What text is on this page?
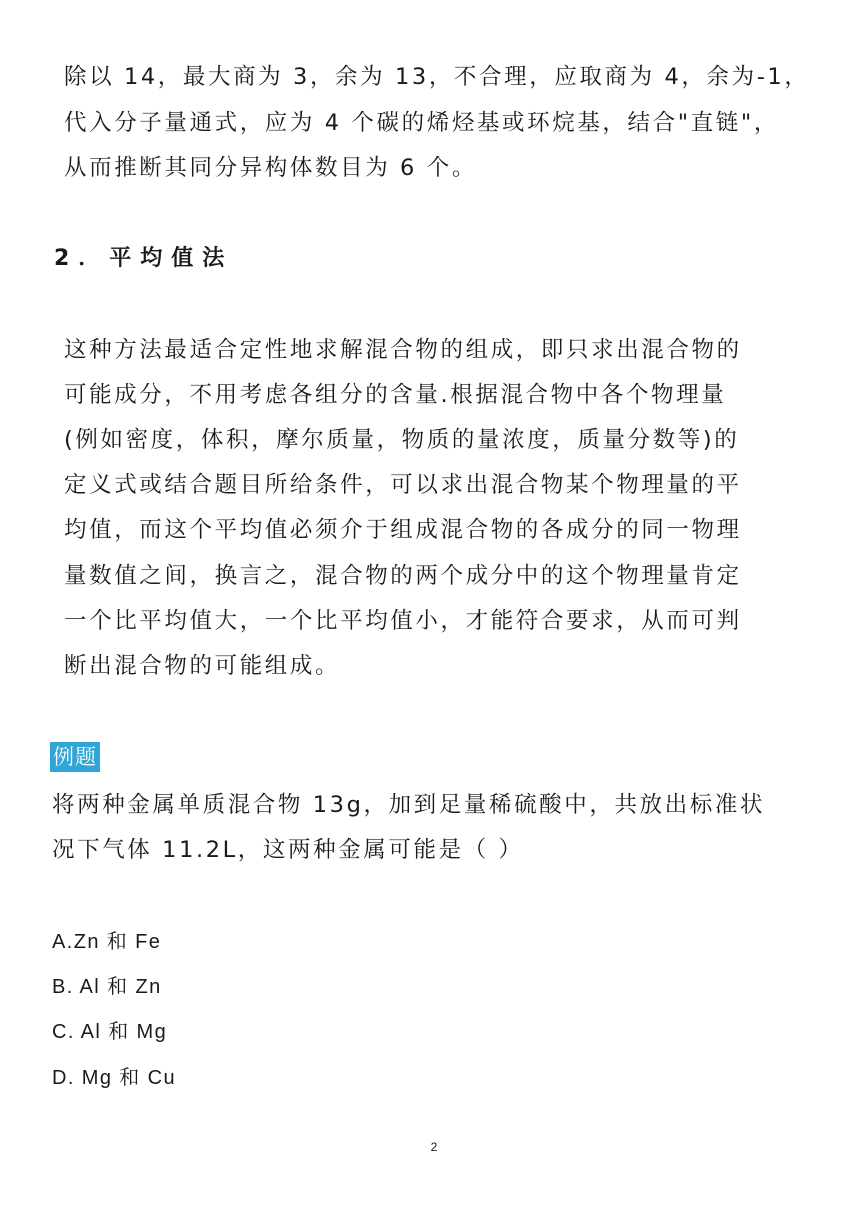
除以 14，最大商为 3，余为 13，不合理，应取商为 4，余为-1，
代入分子量通式，应为 4 个碳的烯烃基或环烷基，结合"直链"，
从而推断其同分异构体数目为 6 个。
2．平均值法
这种方法最适合定性地求解混合物的组成，即只求出混合物的
可能成分，不用考虑各组分的含量.根据混合物中各个物理量
(例如密度，体积，摩尔质量，物质的量浓度，质量分数等)的
定义式或结合题目所给条件，可以求出混合物某个物理量的平
均值，而这个平均值必须介于组成混合物的各成分的同一物理
量数值之间，换言之，混合物的两个成分中的这个物理量肯定
一个比平均值大，一个比平均值小，才能符合要求，从而可判
断出混合物的可能组成。
例题
将两种金属单质混合物 13g，加到足量稀硫酸中，共放出标准状
况下气体 11.2L，这两种金属可能是（ ）
A.Zn 和 Fe
B. Al 和 Zn
C. Al 和 Mg
D. Mg 和 Cu
2
